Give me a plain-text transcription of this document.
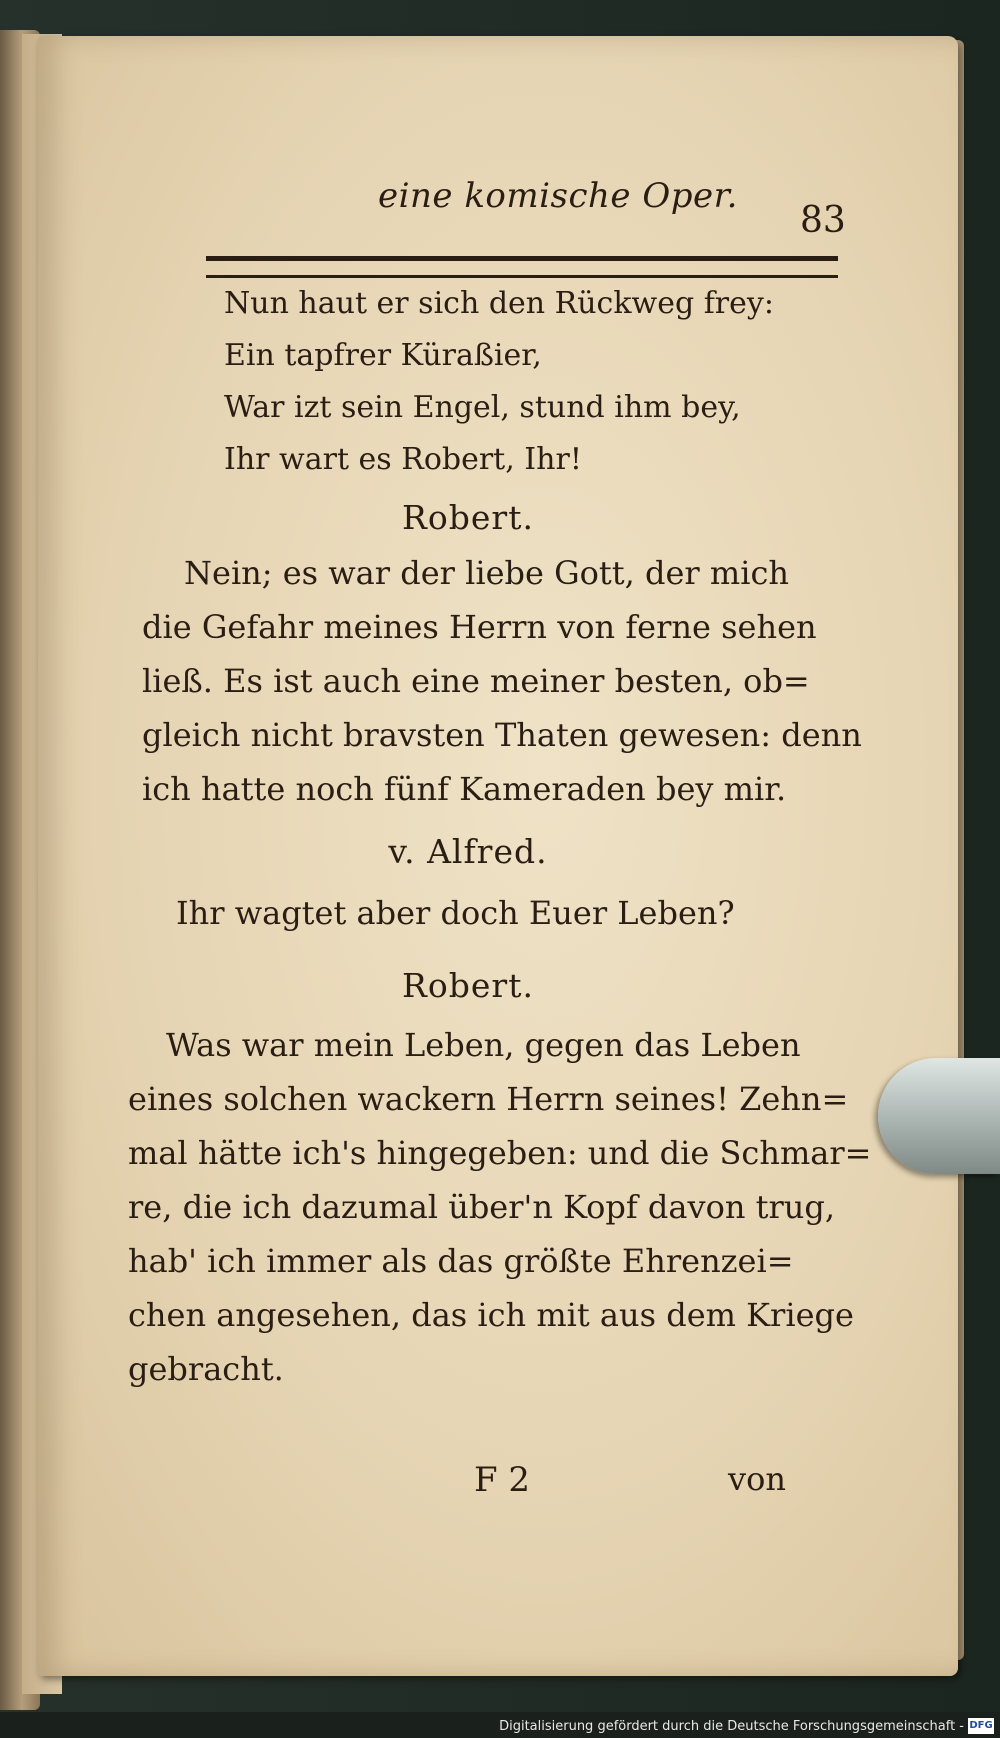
eine komische Oper.
83
Nun haut er sich den Rückweg frey:
Ein tapfrer Küraßier,
War izt sein Engel, stund ihm bey,
Ihr wart es Robert, Ihr!
Robert.
Nein; es war der liebe Gott, der mich
die Gefahr meines Herrn von ferne sehen
ließ. Es ist auch eine meiner besten, ob=
gleich nicht bravsten Thaten gewesen: denn
ich hatte noch fünf Kameraden bey mir.
v. Alfred.
Ihr wagtet aber doch Euer Leben?
Robert.
Was war mein Leben, gegen das Leben
eines solchen wackern Herrn seines! Zehn=
mal hätte ich's hingegeben: und die Schmar=
re, die ich dazumal über'n Kopf davon trug,
hab' ich immer als das größte Ehrenzei=
chen angesehen, das ich mit aus dem Kriege
gebracht.
F 2	von
Digitalisierung gefördert durch die Deutsche Forschungsgemeinschaft - DFG
